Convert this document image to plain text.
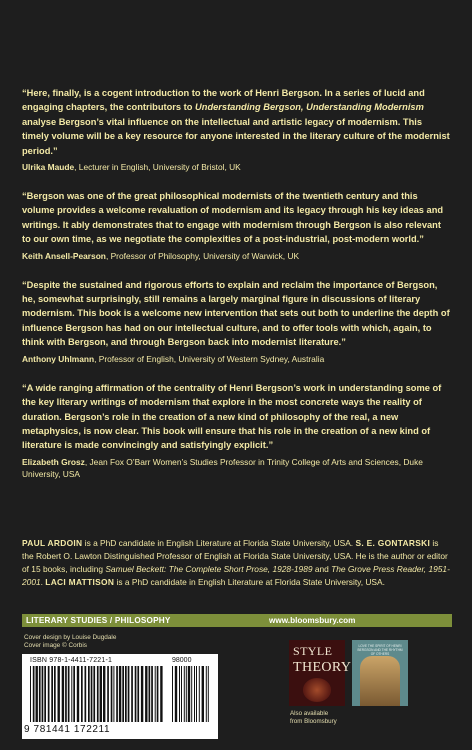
“Here, finally, is a cogent introduction to the work of Henri Bergson. In a series of lucid and engaging chapters, the contributors to Understanding Bergson, Understanding Modernism analyse Bergson’s vital influence on the intellectual and artistic legacy of modernism. This timely volume will be a key resource for anyone interested in the literary culture of the modernist period.”

Ulrika Maude, Lecturer in English, University of Bristol, UK

“Bergson was one of the great philosophical modernists of the twentieth century and this volume provides a welcome revaluation of modernism and its legacy through his key ideas and writings. It ably demonstrates that to engage with modernism through Bergson is also relevant to our own time, as we negotiate the complexities of a post-industrial, post-modern world.”

Keith Ansell-Pearson, Professor of Philosophy, University of Warwick, UK

“Despite the sustained and rigorous efforts to explain and reclaim the importance of Bergson, he, somewhat surprisingly, still remains a largely marginal figure in discussions of literary modernism. This book is a welcome new intervention that sets out both to underline the depth of influence Bergson has had on our intellectual culture, and to offer tools with which, again, to think with Bergson, and through Bergson back into modernist literature.”

Anthony Uhlmann, Professor of English, University of Western Sydney, Australia

“A wide ranging affirmation of the centrality of Henri Bergson’s work in understanding some of the key literary writings of modernism that explore in the most concrete ways the reality of duration. Bergson’s role in the creation of a new kind of philosophy of the real, a new metaphysics, is now clear. This book will ensure that his role in the creation of a new kind of literature is made convincingly and satisfyingly explicit.”

Elizabeth Grosz, Jean Fox O’Barr Women’s Studies Professor in Trinity College of Arts and Sciences, Duke University, USA
PAUL ARDOIN is a PhD candidate in English Literature at Florida State University, USA. S. E. GONTARSKI is the Robert O. Lawton Distinguished Professor of English at Florida State University, USA. He is the author or editor of 15 books, including Samuel Beckett: The Complete Short Prose, 1928-1989 and The Grove Press Reader, 1951-2001. LACI MATTISON is a PhD candidate in English Literature at Florida State University, USA.
LITERARY STUDIES / PHILOSOPHY	www.bloomsbury.com
Cover design by Louise Dugdale
Cover image © Corbis
ISBN 978-1-4411-7221-1	98000
9 781441 172211
STYLE
THEORY
LOVE THE SPIRIT OF HENRI BERGSON AND THE RHYTHM OF OTHERS
Also available
from Bloomsbury
